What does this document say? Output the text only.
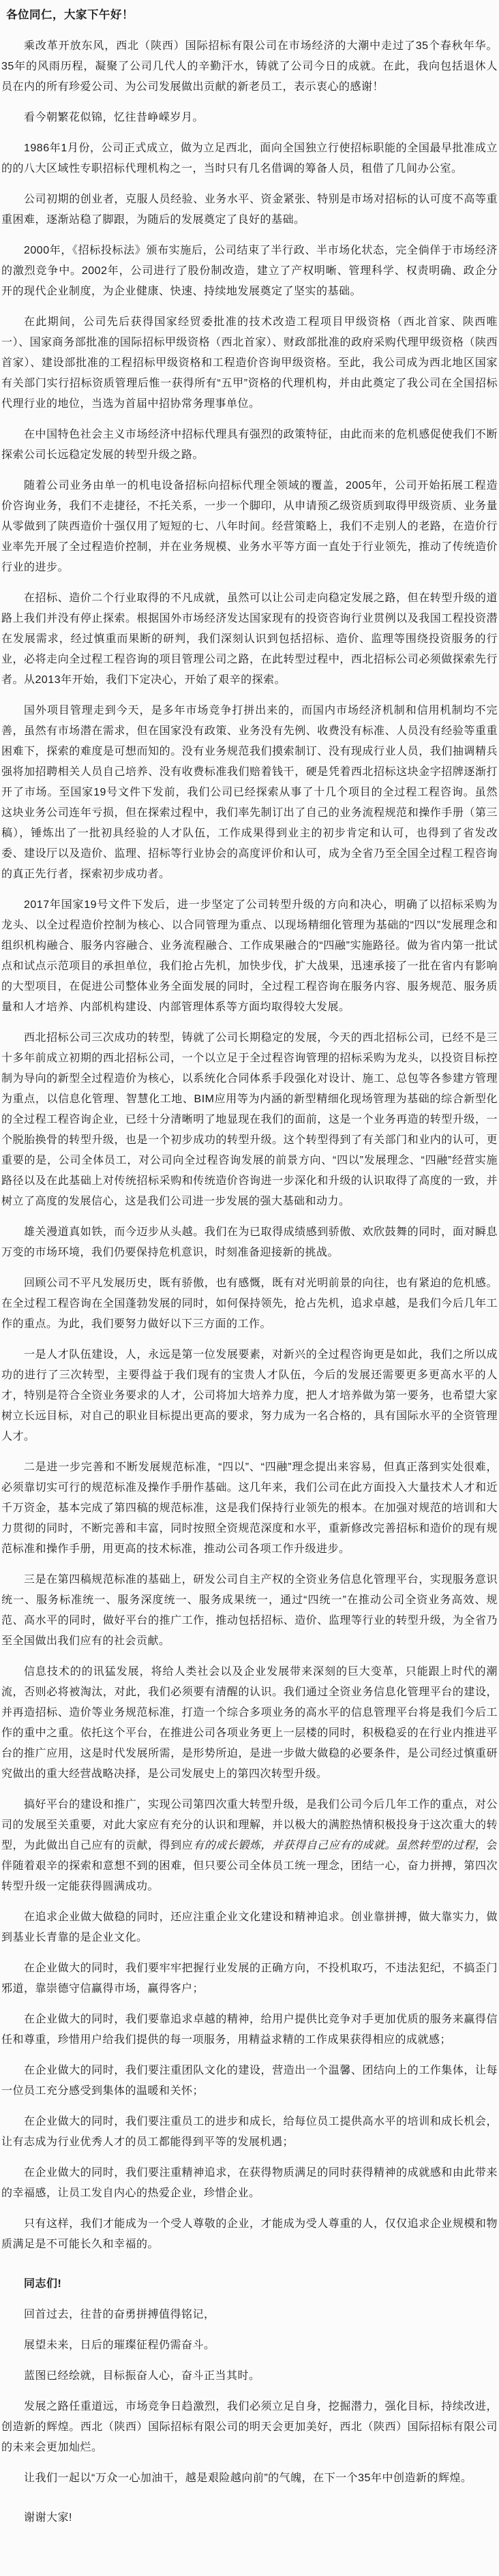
各位同仁，大家下午好！

乘改革开放东风，西北（陕西）国际招标有限公司在市场经济的大潮中走过了35个春秋年华。35年的风雨历程，凝聚了公司几代人的辛勤汗水，铸就了公司今日的成就。在此，我向包括退休人员在内的所有珍爱公司、为公司发展做出贡献的新老员工，表示衷心的感谢！

看今朝繁花似锦，忆往昔峥嵘岁月。

1986年1月份，公司正式成立，做为立足西北，面向全国独立行使招标职能的全国最早批准成立的的八大区域性专职招标代理机构之一，当时只有几名借调的筹备人员，租借了几间办公室。

公司初期的创业者，克服人员经验、业务水平、资金紧张、特别是市场对招标的认可度不高等重重困难，逐渐站稳了脚跟，为随后的发展奠定了良好的基础。

2000年，《招标投标法》颁布实施后，公司结束了半行政、半市场化状态，完全倘佯于市场经济的激烈竞争中。2002年，公司进行了股份制改造，建立了产权明晰、管理科学、权责明确、政企分开的现代企业制度，为企业健康、快速、持续地发展奠定了坚实的基础。

在此期间，公司先后获得国家经贸委批准的技术改造工程项目甲级资格（西北首家、陕西唯一）、国家商务部批准的国际招标甲级资格（西北首家）、财政部批准的政府采购代理甲级资格（陕西首家）、建设部批准的工程招标甲级资格和工程造价咨询甲级资格。至此，我公司成为西北地区国家有关部门实行招标资质管理后惟一获得所有“五甲”资格的代理机构，并由此奠定了我公司在全国招标代理行业的地位，当选为首届中招协常务理事单位。

在中国特色社会主义市场经济中招标代理具有强烈的政策特征，由此而来的危机感促使我们不断探索公司长远稳定发展的转型升级之路。

随着公司业务由单一的机电设备招标向招标代理全领域的覆盖，2005年，公司开始拓展工程造价咨询业务，我们不走捷径，不托关系，一步一个脚印，从申请预乙级资质到取得甲级资质、业务量从零做到了陕西造价十强仅用了短短的七、八年时间。经营策略上，我们不走别人的老路，在造价行业率先开展了全过程造价控制，并在业务规模、业务水平等方面一直处于行业领先，推动了传统造价行业的进步。

在招标、造价二个行业取得的不凡成就，虽然可以让公司走向稳定发展之路，但在转型升级的道路上我们并没有停止探索。根据国外市场经济发达国家现有的投资咨询行业贯例以及我国工程投资潜在发展需求，经过慎重而果断的研判，我们深刻认识到包括招标、造价、监理等围绕投资服务的行业，必将走向全过程工程咨询的项目管理公司之路，在此转型过程中，西北招标公司必须做探索先行者。从2013年开始，我们下定决心，开始了艰辛的探索。

国外项目管理走到今天，是多年市场竞争打拼出来的，而国内市场经济机制和信用机制均不完善，虽然有市场潜在需求，但在国家没有政策、业务没有先例、收费没有标准、人员没有经验等重重困难下，探索的难度是可想而知的。没有业务规范我们摸索制订、没有现成行业人员，我们抽调精兵强将加招聘相关人员自己培养、没有收费标准我们赔着钱干，硬是凭着西北招标这块金字招牌逐渐打开了市场。至国家19号文件下发前，我们公司已经探索从事了十几个项目的全过程工程咨询。虽然这块业务公司连年亏损，但在探索过程中，我们率先制订出了自己的业务流程规范和操作手册（第三稿），锤炼出了一批初具经验的人才队伍，工作成果得到业主的初步肯定和认可，也得到了省发改委、建设厅以及造价、监理、招标等行业协会的高度评价和认可，成为全省乃至全国全过程工程咨询的真正先行者，探索初步成功者。

2017年国家19号文件下发后，进一步坚定了公司转型升级的方向和决心，明确了以招标采购为龙头、以全过程造价控制为核心、以合同管理为重点、以现场精细化管理为基础的“四以”发展理念和组织机构融合、服务内容融合、业务流程融合、工作成果融合的“四融”实施路径。做为省内第一批试点和试点示范项目的承担单位，我们抢占先机，加快步伐，扩大战果，迅速承接了一批在省内有影响的大型项目，在促进公司整体业务全面发展的同时，全过程工程咨询在服务内容、服务规范、服务质量和人才培养、内部机构建设、内部管理体系等方面均取得较大发展。

西北招标公司三次成功的转型，铸就了公司长期稳定的发展，今天的西北招标公司，已经不是三十多年前成立初期的西北招标公司，一个以立足于全过程咨询管理的招标采购为龙头，以投资目标控制为导向的新型全过程造价为核心，以系统化合同体系手段强化对设计、施工、总包等各参建方管理为重点，以信息化管理、智慧化工地、BIM应用等为内涵的新型精细化现场管理为基础的综合新型化的全过程工程咨询企业，已经十分清晰明了地显现在我们的面前，这是一个业务再造的转型升级，一个脱胎换骨的转型升级，也是一个初步成功的转型升级。这个转型得到了有关部门和业内的认可，更重要的是，公司全体员工，对公司向全过程咨询发展的前景方向、“四以”发展理念、“四融”经营实施路径以及在此基础上对传统招标采购和传统造价咨询进一步深化和升级的认识取得了高度的一致，并树立了高度的发展信心，这是我们公司进一步发展的强大基础和动力。

雄关漫道真如铁，而今迈步从头越。我们在为已取得成绩感到骄傲、欢欣鼓舞的同时，面对瞬息万变的市场环境，我们仍要保持危机意识，时刻准备迎接新的挑战。

回顾公司不平凡发展历史，既有骄傲，也有感慨，既有对光明前景的向往，也有紧迫的危机感。在全过程工程咨询在全国蓬勃发展的同时，如何保持领先，抢占先机，追求卓越，是我们今后几年工作的重点。为此，我们要努力做好以下三方面的工作。

一是人才队伍建设，人，永远是第一位发展要素，对新兴的全过程咨询更是如此，我们之所以成功的进行了三次转型，主要得益于我们现有的宝贵人才队伍，今后的发展还需要更多更高水平的人才，特别是符合全资业务要求的人才，公司将加大培养力度，把人才培养做为第一要务，也希望大家树立长远目标，对自己的职业目标提出更高的要求，努力成为一名合格的，具有国际水平的全资管理人才。

二是进一步完善和不断发展规范标准，“四以”、“四融”理念提出来容易，但真正落到实处很难，必须靠切实可行的规范标准及操作手册作基础。这几年来，我们公司在此方面投入大量技术人才和近千万资金，基本完成了第四稿的规范标准，这是我们保持行业领先的根本。在加强对规范的培训和大力贯彻的同时，不断完善和丰富，同时按照全资规范深度和水平，重新修改完善招标和造价的现有规范标准和操作手册，用更高的技术标准，推动公司各项工作升级进步。

三是在第四稿规范标准的基础上，研发公司自主产权的全资业务信息化管理平台，实现服务意识统一、服务标准统一、服务深度统一、服务成果统一，通过“四统一”在推动公司全资业务高效、规范、高水平的同时，做好平台的推广工作，推动包括招标、造价、监理等行业的转型升级，为全省乃至全国做出我们应有的社会贡献。

信息技术的的讯猛发展，将给人类社会以及企业发展带来深刻的巨大变革，只能跟上时代的潮流，否则必将被淘汰，对此，我们必须要有清醒的认识。我们通过全资业务信息化管理平台的建设，并再造招标、造价等业务规范标准，打造一个综合多项业务的高水平的信息管理平台将是我们今后工作的重中之重。依托这个平台，在推进公司各项业务更上一层楼的同时，积极稳妥的在行业内推进平台的推广应用，这是时代发展所需，是形势所迫，是进一步做大做稳的必要条件，是公司经过慎重研究做出的重大经营战略决择，是公司发展史上的第四次转型升级。

搞好平台的建设和推广，实现公司第四次重大转型升级，是我们公司今后几年工作的重点，对公司的发展至关重要，对此大家应有充分的认识和理解，并以极大的满腔热情积极投身于这次重大的转型，为此做出自己应有的贡献，得到应有的成长锻炼，并获得自己应有的成就。虽然转型的过程，会伴随着艰辛的探索和意想不到的困难，但只要公司全体员工统一理念，团结一心，奋力拼搏，第四次转型升级一定能获得圆满成功。

在追求企业做大做稳的同时，还应注重企业文化建设和精神追求。创业靠拼搏，做大靠实力，做到基业长青靠的是企业文化。

在企业做大的同时，我们要牢牢把握行业发展的正确方向，不投机取巧，不违法犯纪，不搞歪门邪道，靠崇德守信赢得市场，赢得客户；

在企业做大的同时，我们要靠追求卓越的精神，给用户提供比竞争对手更加优质的服务来赢得信任和尊重，珍惜用户给我们提供的每一项服务，用精益求精的工作成果获得相应的成就感；

在企业做大的同时，我们要注重团队文化的建设，营造出一个温馨、团结向上的工作集体，让每一位员工充分感受到集体的温暖和关怀；

在企业做大的同时，我们要注重员工的进步和成长，给每位员工提供高水平的培训和成长机会，让有志成为行业优秀人才的员工都能得到平等的发展机遇；

在企业做大的同时，我们要注重精神追求，在获得物质满足的同时获得精神的成就感和由此带来的幸福感，让员工发自内心的热爱企业，珍惜企业。

只有这样，我们才能成为一个受人尊敬的企业，才能成为受人尊重的人，仅仅追求企业规模和物质满足是不可能长久和幸福的。

同志们!

回首过去，往昔的奋勇拼搏值得铭记，

展望未来，日后的璀璨征程仍需奋斗。

蓝图已经绘就，目标振奋人心，奋斗正当其时。

发展之路任重道远，市场竞争日趋激烈，我们必须立足自身，挖掘潜力，强化目标，持续改进，创造新的辉煌。西北（陕西）国际招标有限公司的明天会更加美好，西北（陕西）国际招标有限公司的未来会更加灿烂。

让我们一起以“万众一心加油干，越是艰险越向前”的气魄，在下一个35年中创造新的辉煌。

谢谢大家!
